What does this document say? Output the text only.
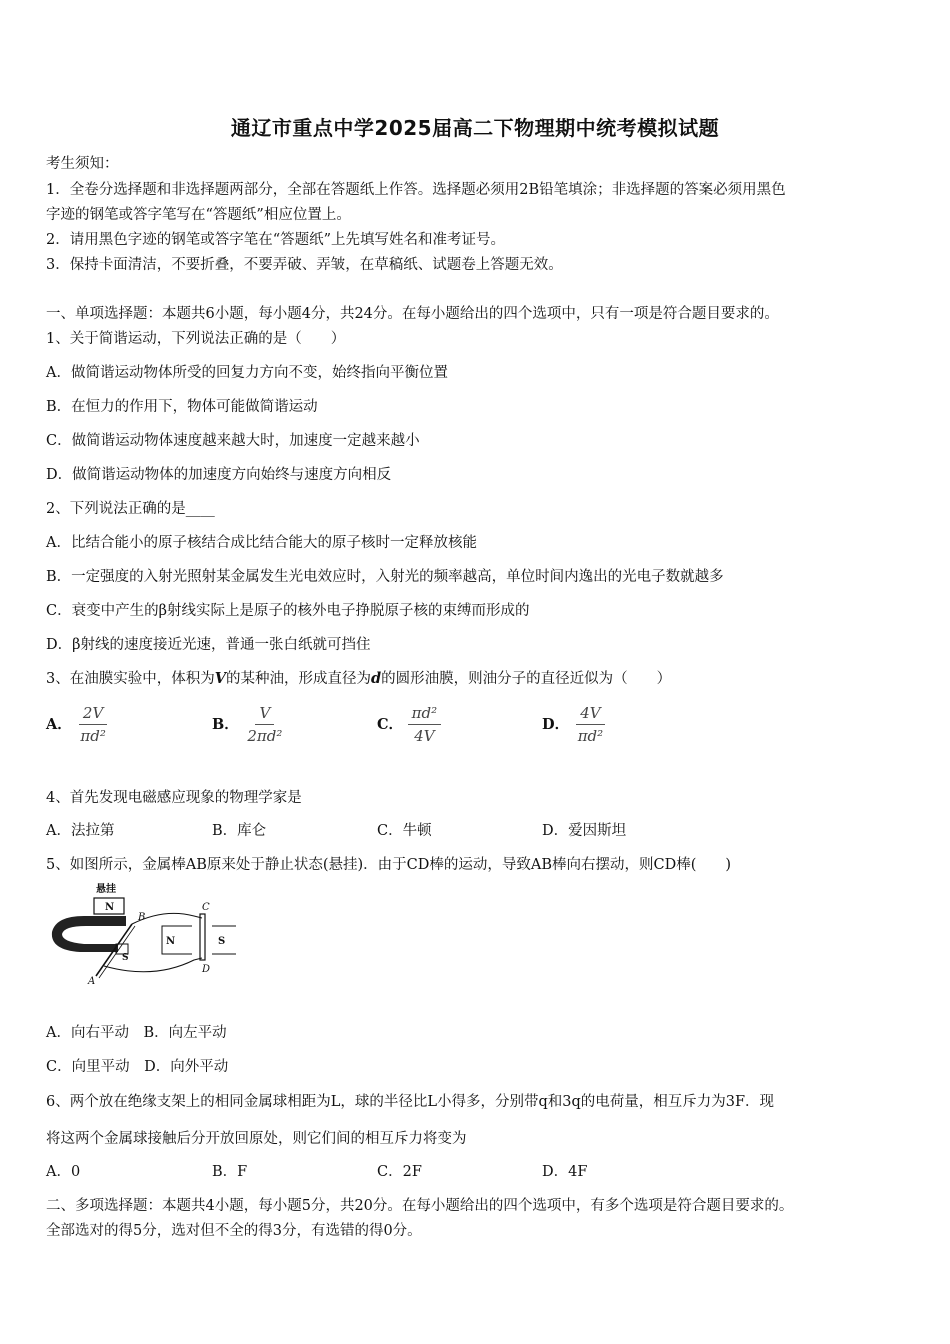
通辽市重点中学2025届高二下物理期中统考模拟试题
考生须知：
1．全卷分选择题和非选择题两部分，全部在答题纸上作答。选择题必须用2B铅笔填涂；非选择题的答案必须用黑色
字迹的钢笔或答字笔写在“答题纸”相应位置上。
2．请用黑色字迹的钢笔或答字笔在“答题纸”上先填写姓名和准考证号。
3．保持卡面清洁，不要折叠，不要弄破、弄皱，在草稿纸、试题卷上答题无效。
一、单项选择题：本题共6小题，每小题4分，共24分。在每小题给出的四个选项中，只有一项是符合题目要求的。
1、关于简谐运动，下列说法正确的是（　　）
A．做简谐运动物体所受的回复力方向不变，始终指向平衡位置
B．在恒力的作用下，物体可能做简谐运动
C．做简谐运动物体速度越来越大时，加速度一定越来越小
D．做简谐运动物体的加速度方向始终与速度方向相反
2、下列说法正确的是____
A．比结合能小的原子核结合成比结合能大的原子核时一定释放核能
B．一定强度的入射光照射某金属发生光电效应时，入射光的频率越高，单位时间内逸出的光电子数就越多
C．衰变中产生的β射线实际上是原子的核外电子挣脱原子核的束缚而形成的
D．β射线的速度接近光速，普通一张白纸就可挡住
3、在油膜实验中，体积为V的某种油，形成直径为d的圆形油膜，则油分子的直径近似为（　　）
A． $\frac{2V}{\text{πd²}}$	B． $\frac{V}{\text{2πd²}}$	C． $\frac{\text{πd²}}{4V}$	D． $\frac{4V}{\text{πd²}}$
4、首先发现电磁感应现象的物理学家是
A．法拉第	B．库仑	C．牛顿	D．爱因斯坦
5、如图所示，金属棒AB原来处于静止状态(悬挂)．由于CD棒的运动，导致AB棒向右摆动，则CD棒(　　)
悬挂
N
S
B
A
C
D
N	S
A．向右平动　B．向左平动
C．向里平动　D．向外平动
6、两个放在绝缘支架上的相同金属球相距为L，球的半径比L小得多，分别带q和3q的电荷量，相互斥力为3F．现
将这两个金属球接触后分开放回原处，则它们间的相互斥力将变为
A．0	B．F	C．2F	D．4F
二、多项选择题：本题共4小题，每小题5分，共20分。在每小题给出的四个选项中，有多个选项是符合题目要求的。
全部选对的得5分，选对但不全的得3分，有选错的得0分。
